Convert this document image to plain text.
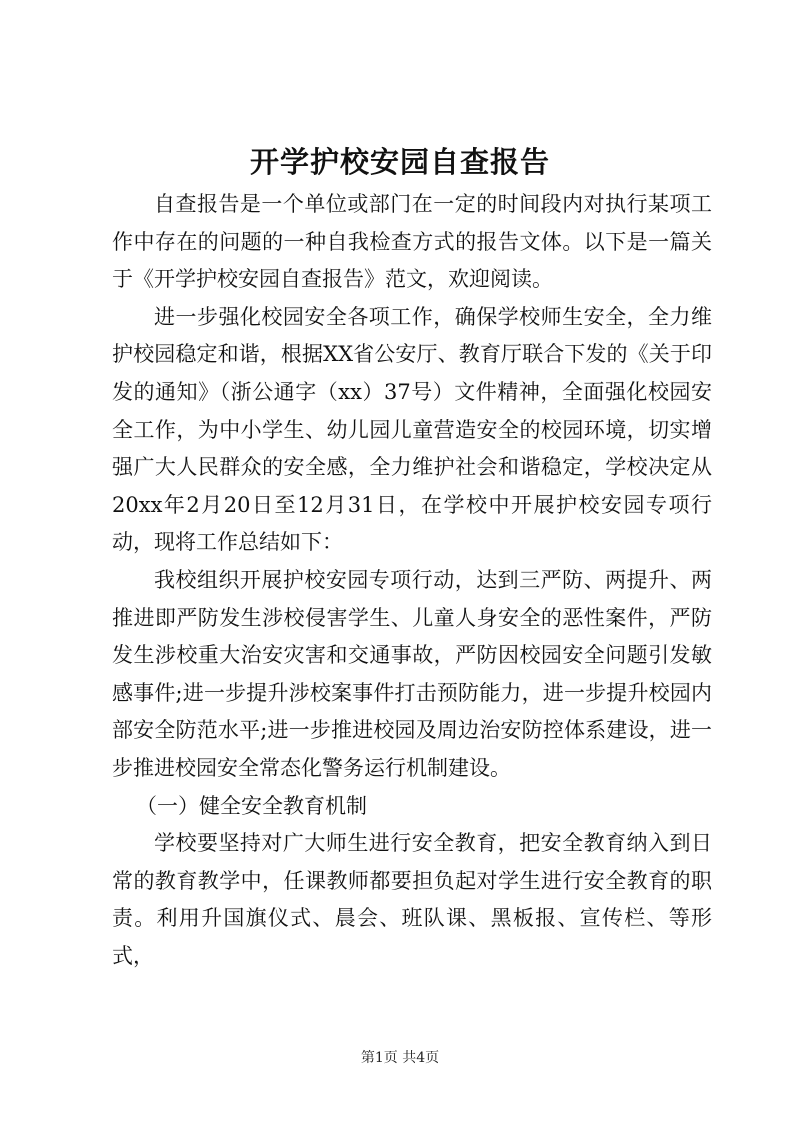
开学护校安园自查报告

自查报告是一个单位或部门在一定的时间段内对执行某项工作中存在的问题的一种自我检查方式的报告文体。以下是一篇关于《开学护校安园自查报告》范文，欢迎阅读。

进一步强化校园安全各项工作，确保学校师生安全，全力维护校园稳定和谐，根据XX省公安厅、教育厅联合下发的《关于印发的通知》（浙公通字（xx）37号）文件精神，全面强化校园安全工作，为中小学生、幼儿园儿童营造安全的校园环境，切实增强广大人民群众的安全感，全力维护社会和谐稳定，学校决定从20xx年2月20日至12月31日，在学校中开展护校安园专项行动，现将工作总结如下：

我校组织开展护校安园专项行动，达到三严防、两提升、两推进即严防发生涉校侵害学生、儿童人身安全的恶性案件，严防发生涉校重大治安灾害和交通事故，严防因校园安全问题引发敏感事件;进一步提升涉校案事件打击预防能力，进一步提升校园内部安全防范水平;进一步推进校园及周边治安防控体系建设，进一步推进校园安全常态化警务运行机制建设。

（一）健全安全教育机制

学校要坚持对广大师生进行安全教育，把安全教育纳入到日常的教育教学中，任课教师都要担负起对学生进行安全教育的职责。利用升国旗仪式、晨会、班队课、黑板报、宣传栏、等形式，

第1页 共4页
